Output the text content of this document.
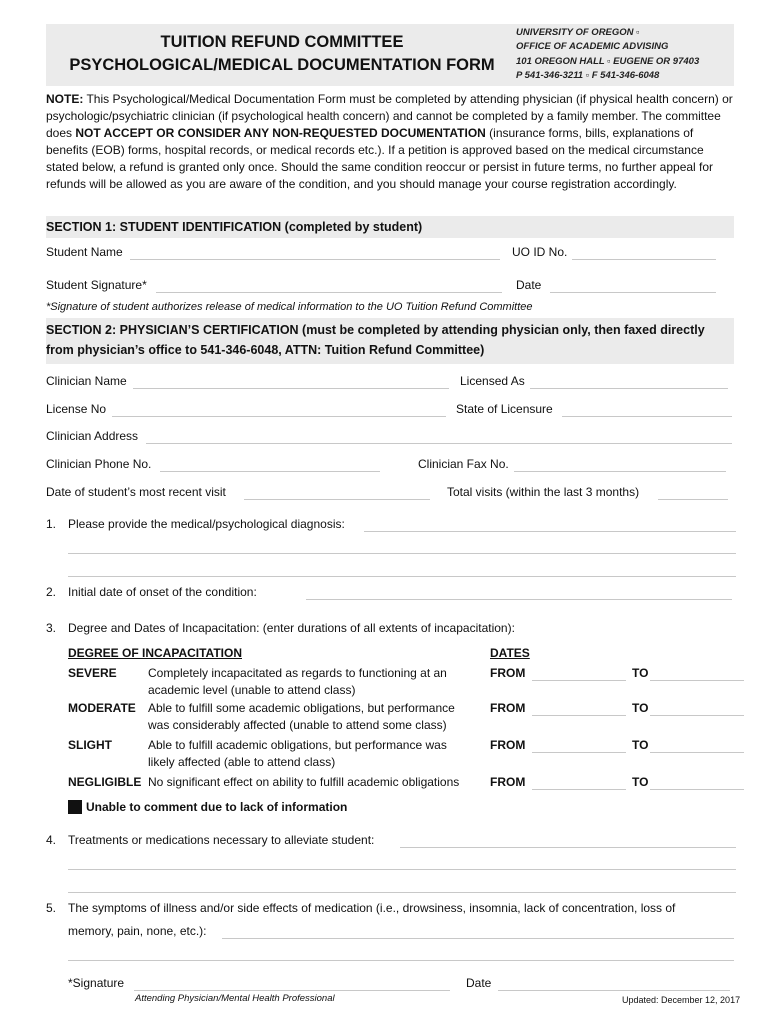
TUITION REFUND COMMITTEE
PSYCHOLOGICAL/MEDICAL DOCUMENTATION FORM
UNIVERSITY OF OREGON ▫
OFFICE OF ACADEMIC ADVISING
101 OREGON HALL ▫ EUGENE OR 97403
P 541-346-3211 ▫ F 541-346-6048
NOTE: This Psychological/Medical Documentation Form must be completed by attending physician (if physical health concern) or psychologic/psychiatric clinician (if psychological health concern) and cannot be completed by a family member. The committee does NOT ACCEPT OR CONSIDER ANY NON-REQUESTED DOCUMENTATION (insurance forms, bills, explanations of benefits (EOB) forms, hospital records, or medical records etc.). If a petition is approved based on the medical circumstance stated below, a refund is granted only once. Should the same condition reoccur or persist in future terms, no further appeal for refunds will be allowed as you are aware of the condition, and you should manage your course registration accordingly.
SECTION 1: STUDENT IDENTIFICATION (completed by student)
Student Name	UO ID No.
Student Signature*	Date
*Signature of student authorizes release of medical information to the UO Tuition Refund Committee
SECTION 2: PHYSICIAN’S CERTIFICATION (must be completed by attending physician only, then faxed directly
from physician’s office to 541-346-6048, ATTN: Tuition Refund Committee)
Clinician Name	Licensed As
License No	State of Licensure
Clinician Address
Clinician Phone No.	Clinician Fax No.
Date of student’s most recent visit	Total visits (within the last 3 months)
1. Please provide the medical/psychological diagnosis:
2. Initial date of onset of the condition:
3. Degree and Dates of Incapacitation: (enter durations of all extents of incapacitation):
DEGREE OF INCAPACITATION	DATES
SEVERE	Completely incapacitated as regards to functioning at an
academic level (unable to attend class)
FROM	TO
MODERATE Able to fulfill some academic obligations, but performance
was considerably affected (unable to attend some class)
FROM	TO
SLIGHT	Able to fulfill academic obligations, but performance was
likely affected (able to attend class)
FROM	TO
NEGLIGIBLE No significant effect on ability to fulfill academic obligations	FROM	TO
Unable to comment due to lack of information
4. Treatments or medications necessary to alleviate student:
5. The symptoms of illness and/or side effects of medication (i.e., drowsiness, insomnia, lack of concentration, loss of
memory, pain, none, etc.):
*Signature	Date
Attending Physician/Mental Health Professional	Updated: December 12, 2017
